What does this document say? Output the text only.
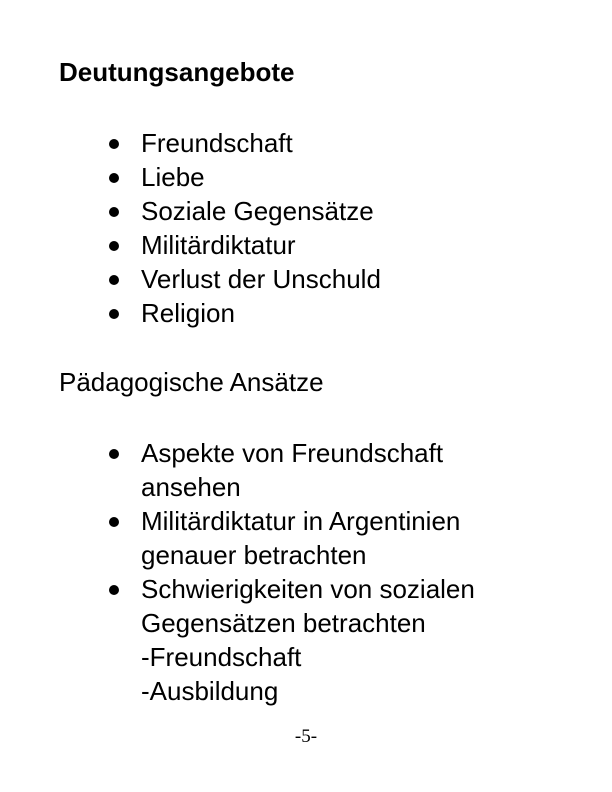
Deutungsangebote
Freundschaft
Liebe
Soziale Gegensätze
Militärdiktatur
Verlust der Unschuld
Religion
Pädagogische Ansätze
Aspekte von Freundschaft
ansehen
Militärdiktatur in Argentinien
genauer betrachten
Schwierigkeiten von sozialen
Gegensätzen betrachten
-Freundschaft
-Ausbildung
-5-
